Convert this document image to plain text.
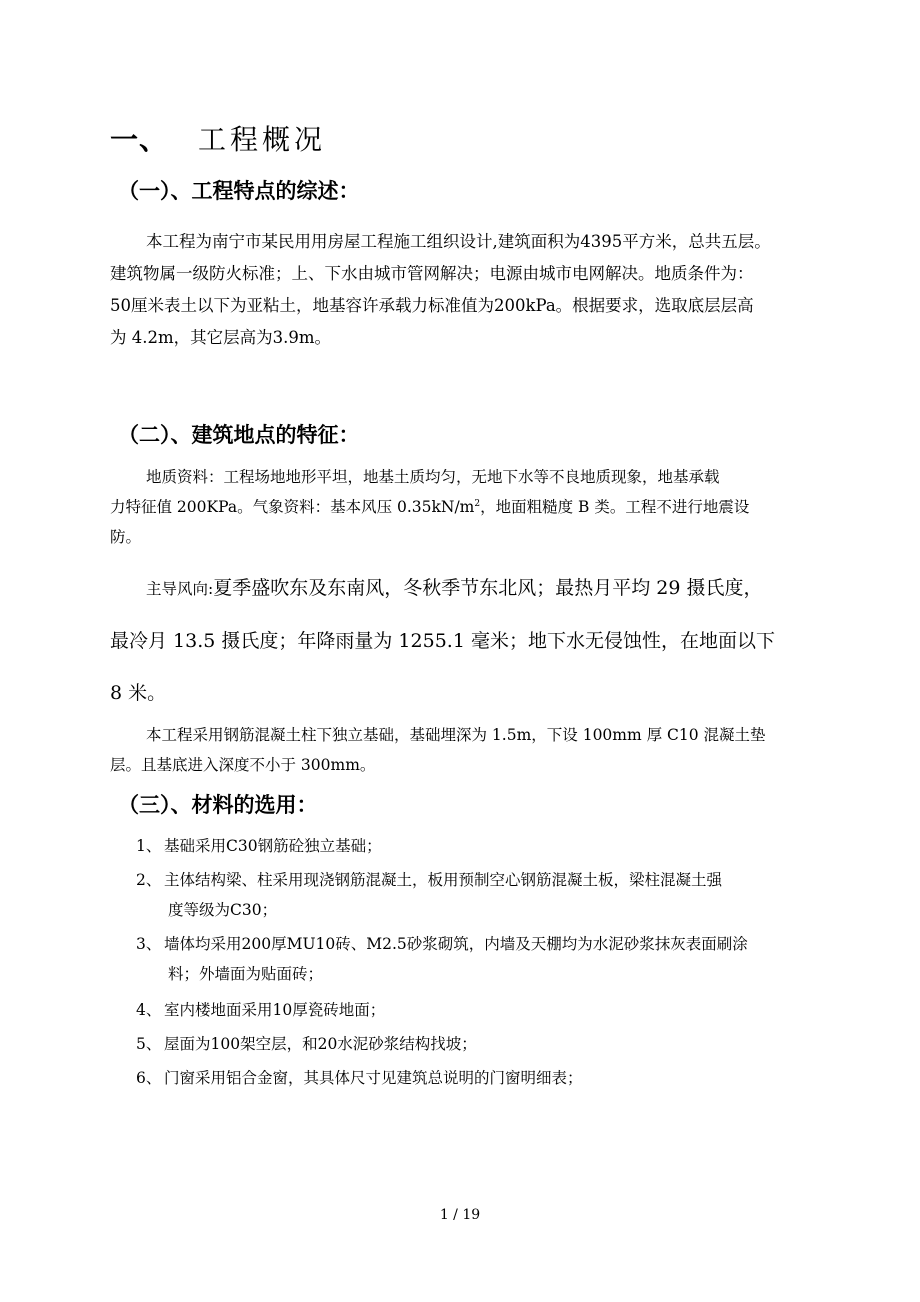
一、 工程概况
（一）、工程特点的综述：
本工程为南宁市某民用用房屋工程施工组织设计,建筑面积为4395平方米，总共五层。
建筑物属一级防火标准；上、下水由城市管网解决；电源由城市电网解决。地质条件为：
50厘米表土以下为亚粘土，地基容许承载力标准值为200kPa。根据要求，选取底层层高
为 4.2m，其它层高为3.9m。
（二）、建筑地点的特征：
地质资料：工程场地地形平坦，地基土质均匀，无地下水等不良地质现象，地基承载
力特征值 200KPa。气象资料：基本风压 $0.35kN/m^2$，地面粗糙度 B 类。工程不进行地震设
防。
主导风向:夏季盛吹东及东南风，冬秋季节东北风；最热月平均 29 摄氏度，
最冷月 13.5 摄氏度；年降雨量为 1255.1 毫米；地下水无侵蚀性，在地面以下
8 米。
本工程采用钢筋混凝土柱下独立基础，基础埋深为 1.5m，下设 100mm 厚 C10 混凝土垫
层。且基底进入深度不小于 300mm。
（三）、材料的选用：
1、 基础采用C30钢筋砼独立基础；
2、 主体结构梁、柱采用现浇钢筋混凝土，板用预制空心钢筋混凝土板，梁柱混凝土强
度等级为C30；
3、 墙体均采用200厚MU10砖、M2.5砂浆砌筑，内墙及天棚均为水泥砂浆抹灰表面刷涂
料；外墙面为贴面砖；
4、 室内楼地面采用10厚瓷砖地面；
5、 屋面为100架空层，和20水泥砂浆结构找坡；
6、 门窗采用铝合金窗，其具体尺寸见建筑总说明的门窗明细表；
1 / 19
